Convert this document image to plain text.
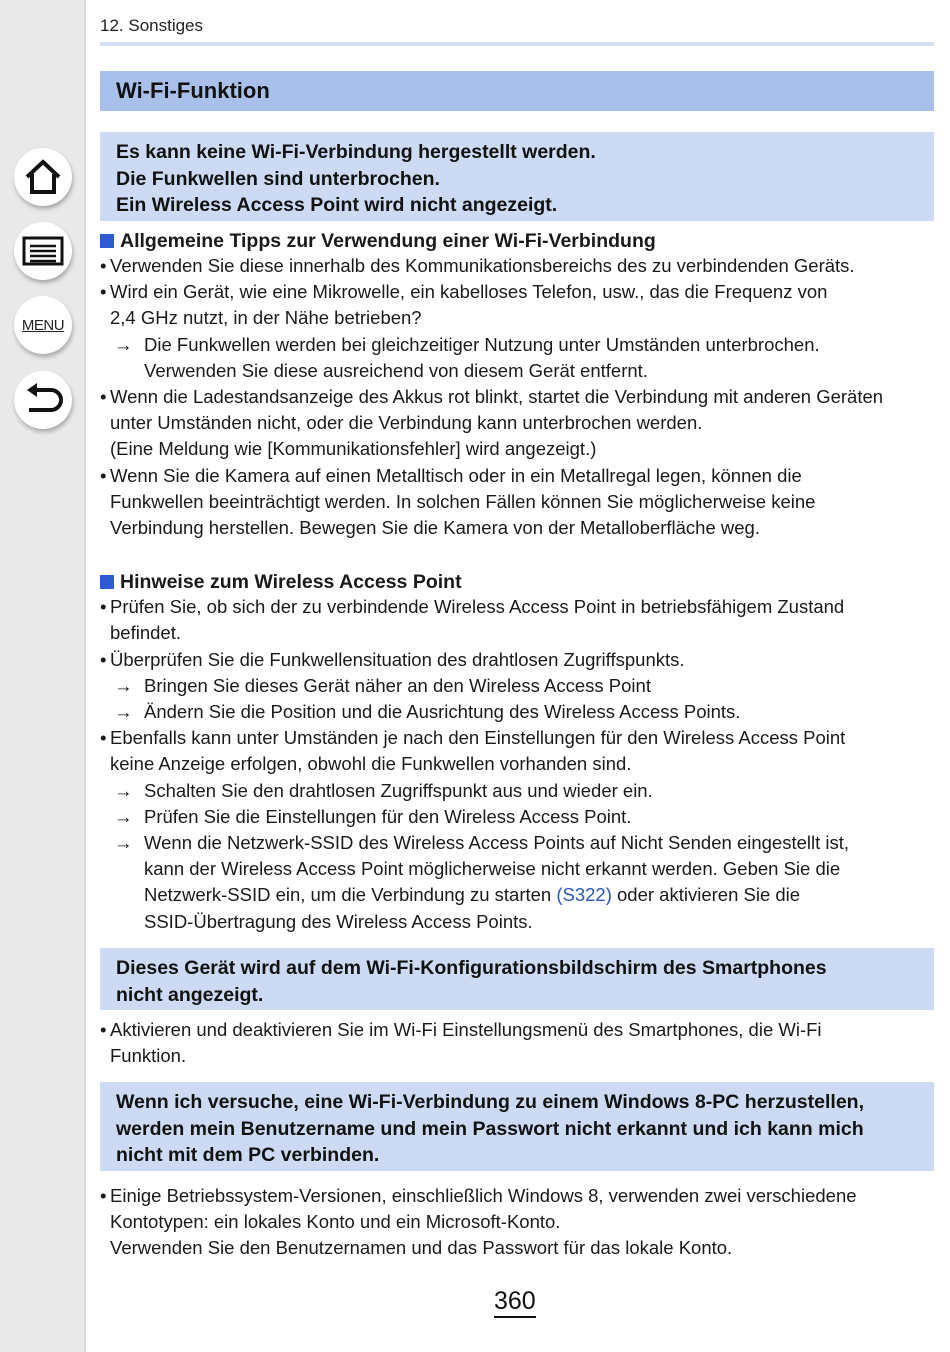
MENU
12. Sonstiges
Wi-Fi-Funktion
Es kann keine Wi-Fi-Verbindung hergestellt werden.
Die Funkwellen sind unterbrochen.
Ein Wireless Access Point wird nicht angezeigt.
Allgemeine Tipps zur Verwendung einer Wi-Fi-Verbindung
• Verwenden Sie diese innerhalb des Kommunikationsbereichs des zu verbindenden Geräts.
• Wird ein Gerät, wie eine Mikrowelle, ein kabelloses Telefon, usw., das die Frequenz von
2,4 GHz nutzt, in der Nähe betrieben?
→ Die Funkwellen werden bei gleichzeitiger Nutzung unter Umständen unterbrochen.
Verwenden Sie diese ausreichend von diesem Gerät entfernt.
• Wenn die Ladestandsanzeige des Akkus rot blinkt, startet die Verbindung mit anderen Geräten
unter Umständen nicht, oder die Verbindung kann unterbrochen werden.
(Eine Meldung wie [Kommunikationsfehler] wird angezeigt.)
• Wenn Sie die Kamera auf einen Metalltisch oder in ein Metallregal legen, können die
Funkwellen beeinträchtigt werden. In solchen Fällen können Sie möglicherweise keine
Verbindung herstellen. Bewegen Sie die Kamera von der Metalloberfläche weg.
Hinweise zum Wireless Access Point
• Prüfen Sie, ob sich der zu verbindende Wireless Access Point in betriebsfähigem Zustand
befindet.
• Überprüfen Sie die Funkwellensituation des drahtlosen Zugriffspunkts.
→ Bringen Sie dieses Gerät näher an den Wireless Access Point
→ Ändern Sie die Position und die Ausrichtung des Wireless Access Points.
• Ebenfalls kann unter Umständen je nach den Einstellungen für den Wireless Access Point
keine Anzeige erfolgen, obwohl die Funkwellen vorhanden sind.
→ Schalten Sie den drahtlosen Zugriffspunkt aus und wieder ein.
→ Prüfen Sie die Einstellungen für den Wireless Access Point.
→ Wenn die Netzwerk-SSID des Wireless Access Points auf Nicht Senden eingestellt ist,
kann der Wireless Access Point möglicherweise nicht erkannt werden. Geben Sie die
Netzwerk-SSID ein, um die Verbindung zu starten (S322) oder aktivieren Sie die
SSID-Übertragung des Wireless Access Points.
Dieses Gerät wird auf dem Wi-Fi-Konfigurationsbildschirm des Smartphones
nicht angezeigt.
• Aktivieren und deaktivieren Sie im Wi-Fi Einstellungsmenü des Smartphones, die Wi-Fi
Funktion.
Wenn ich versuche, eine Wi-Fi-Verbindung zu einem Windows 8-PC herzustellen,
werden mein Benutzername und mein Passwort nicht erkannt und ich kann mich
nicht mit dem PC verbinden.
• Einige Betriebssystem-Versionen, einschließlich Windows 8, verwenden zwei verschiedene
Kontotypen: ein lokales Konto und ein Microsoft-Konto.
Verwenden Sie den Benutzernamen und das Passwort für das lokale Konto.
360
